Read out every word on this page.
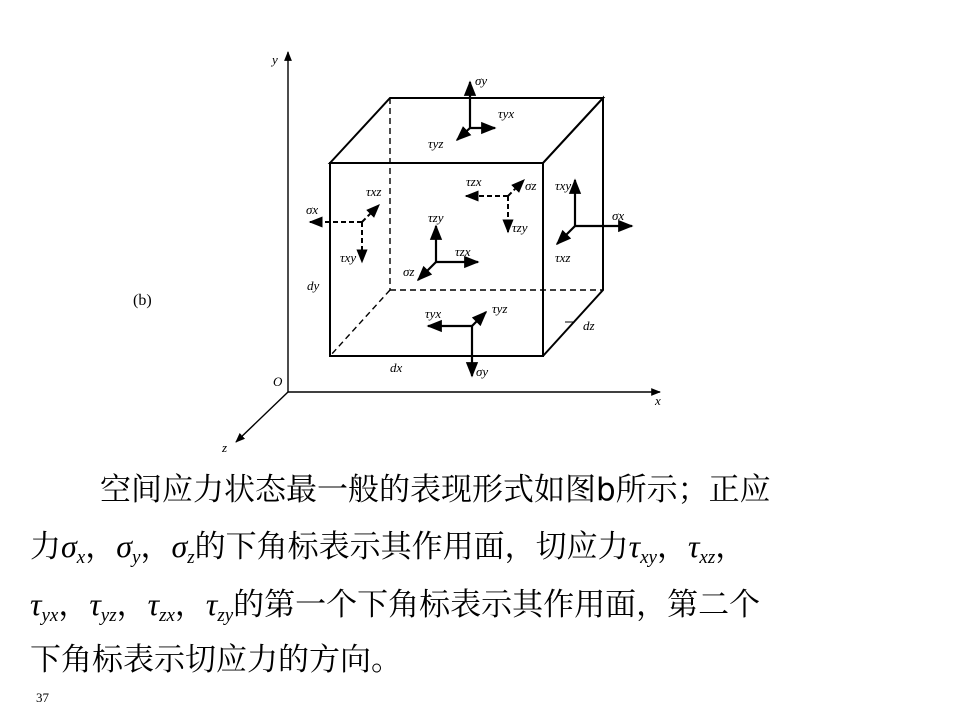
y
x
z
O
dy
dx
dz
σy
τyx
τyz
σx
τxz
τxy
τzx	σz
τzy
τxy
σx
τxz
τzy
τzx
σz
τyx	τyz
σy
(b)
空间应力状态最一般的表现形式如图b所示；正应
力$\sigma_x$，$\sigma_y$，$\sigma_z$的下角标表示其作用面，切应力$\tau_{xy}$，$\tau_{xz}$，
$\tau_{yx}$，$\tau_{yz}$，$\tau_{zx}$，$\tau_{zy}$的第一个下角标表示其作用面，第二个
下角标表示切应力的方向。
37
